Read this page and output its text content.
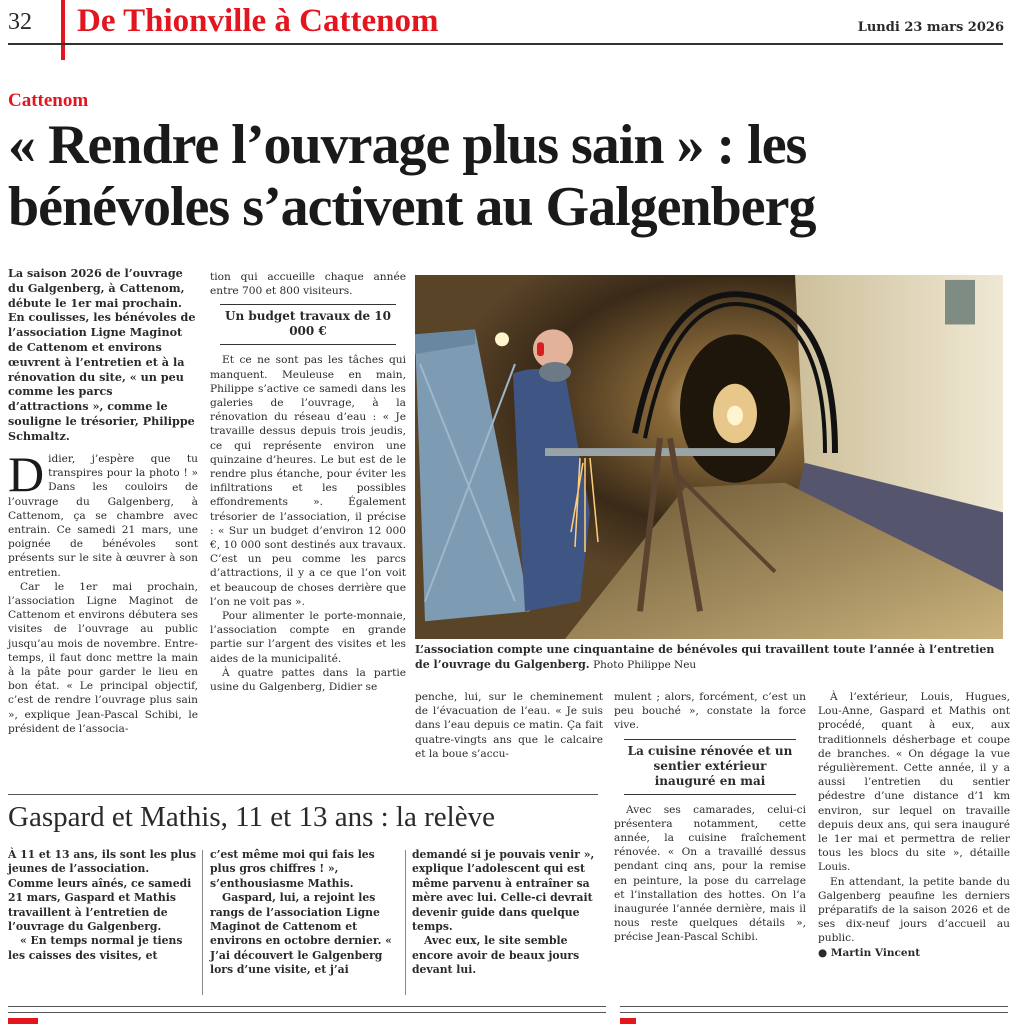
32 De Thionville à Cattenom	Lundi 23 mars 2026
Cattenom
« Rendre l’ouvrage plus sain » : les
bénévoles s’activent au Galgenberg
La saison 2026 de l’ouvrage du Galgenberg, à Cattenom, débute le 1er mai prochain. En coulisses, les bénévoles de l’association Ligne Maginot de Cattenom et environs œuvrent à l’entretien et à la rénovation du site, « un peu comme les parcs d’attractions », comme le souligne le trésorier, Philippe Schmaltz.

Didier, j’espère que tu transpires pour la photo ! » Dans les couloirs de l’ouvrage du Galgenberg, à Cattenom, ça se chambre avec entrain. Ce samedi 21 mars, une poignée de bénévoles sont présents sur le site à œuvrer à son entretien.

Car le 1er mai prochain, l’association Ligne Maginot de Cattenom et environs débutera ses visites de l’ouvrage au public jusqu’au mois de novembre. Entre-temps, il faut donc mettre la main à la pâte pour garder le lieu en bon état. « Le principal objectif, c’est de rendre l’ouvrage plus sain », explique Jean-Pascal Schibi, le président de l’associa-

tion qui accueille chaque année entre 700 et 800 visiteurs.

Un budget travaux de 10 000 €

Et ce ne sont pas les tâches qui manquent. Meuleuse en main, Philippe s’active ce samedi dans les galeries de l’ouvrage, à la rénovation du réseau d’eau : « Je travaille dessus depuis trois jeudis, ce qui représente environ une quinzaine d’heures. Le but est de le rendre plus étanche, pour éviter les infiltrations et les possibles effondrements ». Également trésorier de l’association, il précise : « Sur un budget d’environ 12 000 €, 10 000 sont destinés aux travaux. C’est un peu comme les parcs d’attractions, il y a ce que l’on voit et beaucoup de choses derrière que l’on ne voit pas ».

Pour alimenter le porte-monnaie, l’association compte en grande partie sur l’argent des visites et les aides de la municipalité.

À quatre pattes dans la partie usine du Galgenberg, Didier se

L’association compte une cinquantaine de bénévoles qui travaillent toute l’année à l’entretien de l’ouvrage du Galgenberg. Photo Philippe Neu

penche, lui, sur le cheminement de l’évacuation de l’eau. « Je suis dans l’eau depuis ce matin. Ça fait quatre-vingts ans que le calcaire et la boue s’accu-

mulent ; alors, forcément, c’est un peu bouché », constate la force vive.

La cuisine rénovée et un sentier extérieur inauguré en mai

Avec ses camarades, celui-ci présentera notamment, cette année, la cuisine fraîchement rénovée. « On a travaillé dessus pendant cinq ans, pour la remise en peinture, la pose du carrelage et l’installation des hottes. On l’a inaugurée l’année dernière, mais il nous reste quelques détails », précise Jean-Pascal Schibi.

À l’extérieur, Louis, Hugues, Lou-Anne, Gaspard et Mathis ont procédé, quant à eux, aux traditionnels désherbage et coupe de branches. « On dégage la vue régulièrement. Cette année, il y a aussi l’entretien du sentier pédestre d’une distance d’1 km environ, sur lequel on travaille depuis deux ans, qui sera inauguré le 1er mai et permettra de relier tous les blocs du site », détaille Louis.

En attendant, la petite bande du Galgenberg peaufine les derniers préparatifs de la saison 2026 et de ses dix-neuf jours d’accueil au public.

● Martin Vincent

Gaspard et Mathis, 11 et 13 ans : la relève

À 11 et 13 ans, ils sont les plus jeunes de l’association. Comme leurs aînés, ce samedi 21 mars, Gaspard et Mathis travaillent à l’entretien de l’ouvrage du Galgenberg.

« En temps normal je tiens les caisses des visites, et

c’est même moi qui fais les plus gros chiffres ! », s’enthousiasme Mathis.

Gaspard, lui, a rejoint les rangs de l’association Ligne Maginot de Cattenom et environs en octobre dernier. « J’ai découvert le Galgenberg lors d’une visite, et j’ai

demandé si je pouvais venir », explique l’adolescent qui est même parvenu à entraîner sa mère avec lui. Celle-ci devrait devenir guide dans quelque temps.

Avec eux, le site semble encore avoir de beaux jours devant lui.
